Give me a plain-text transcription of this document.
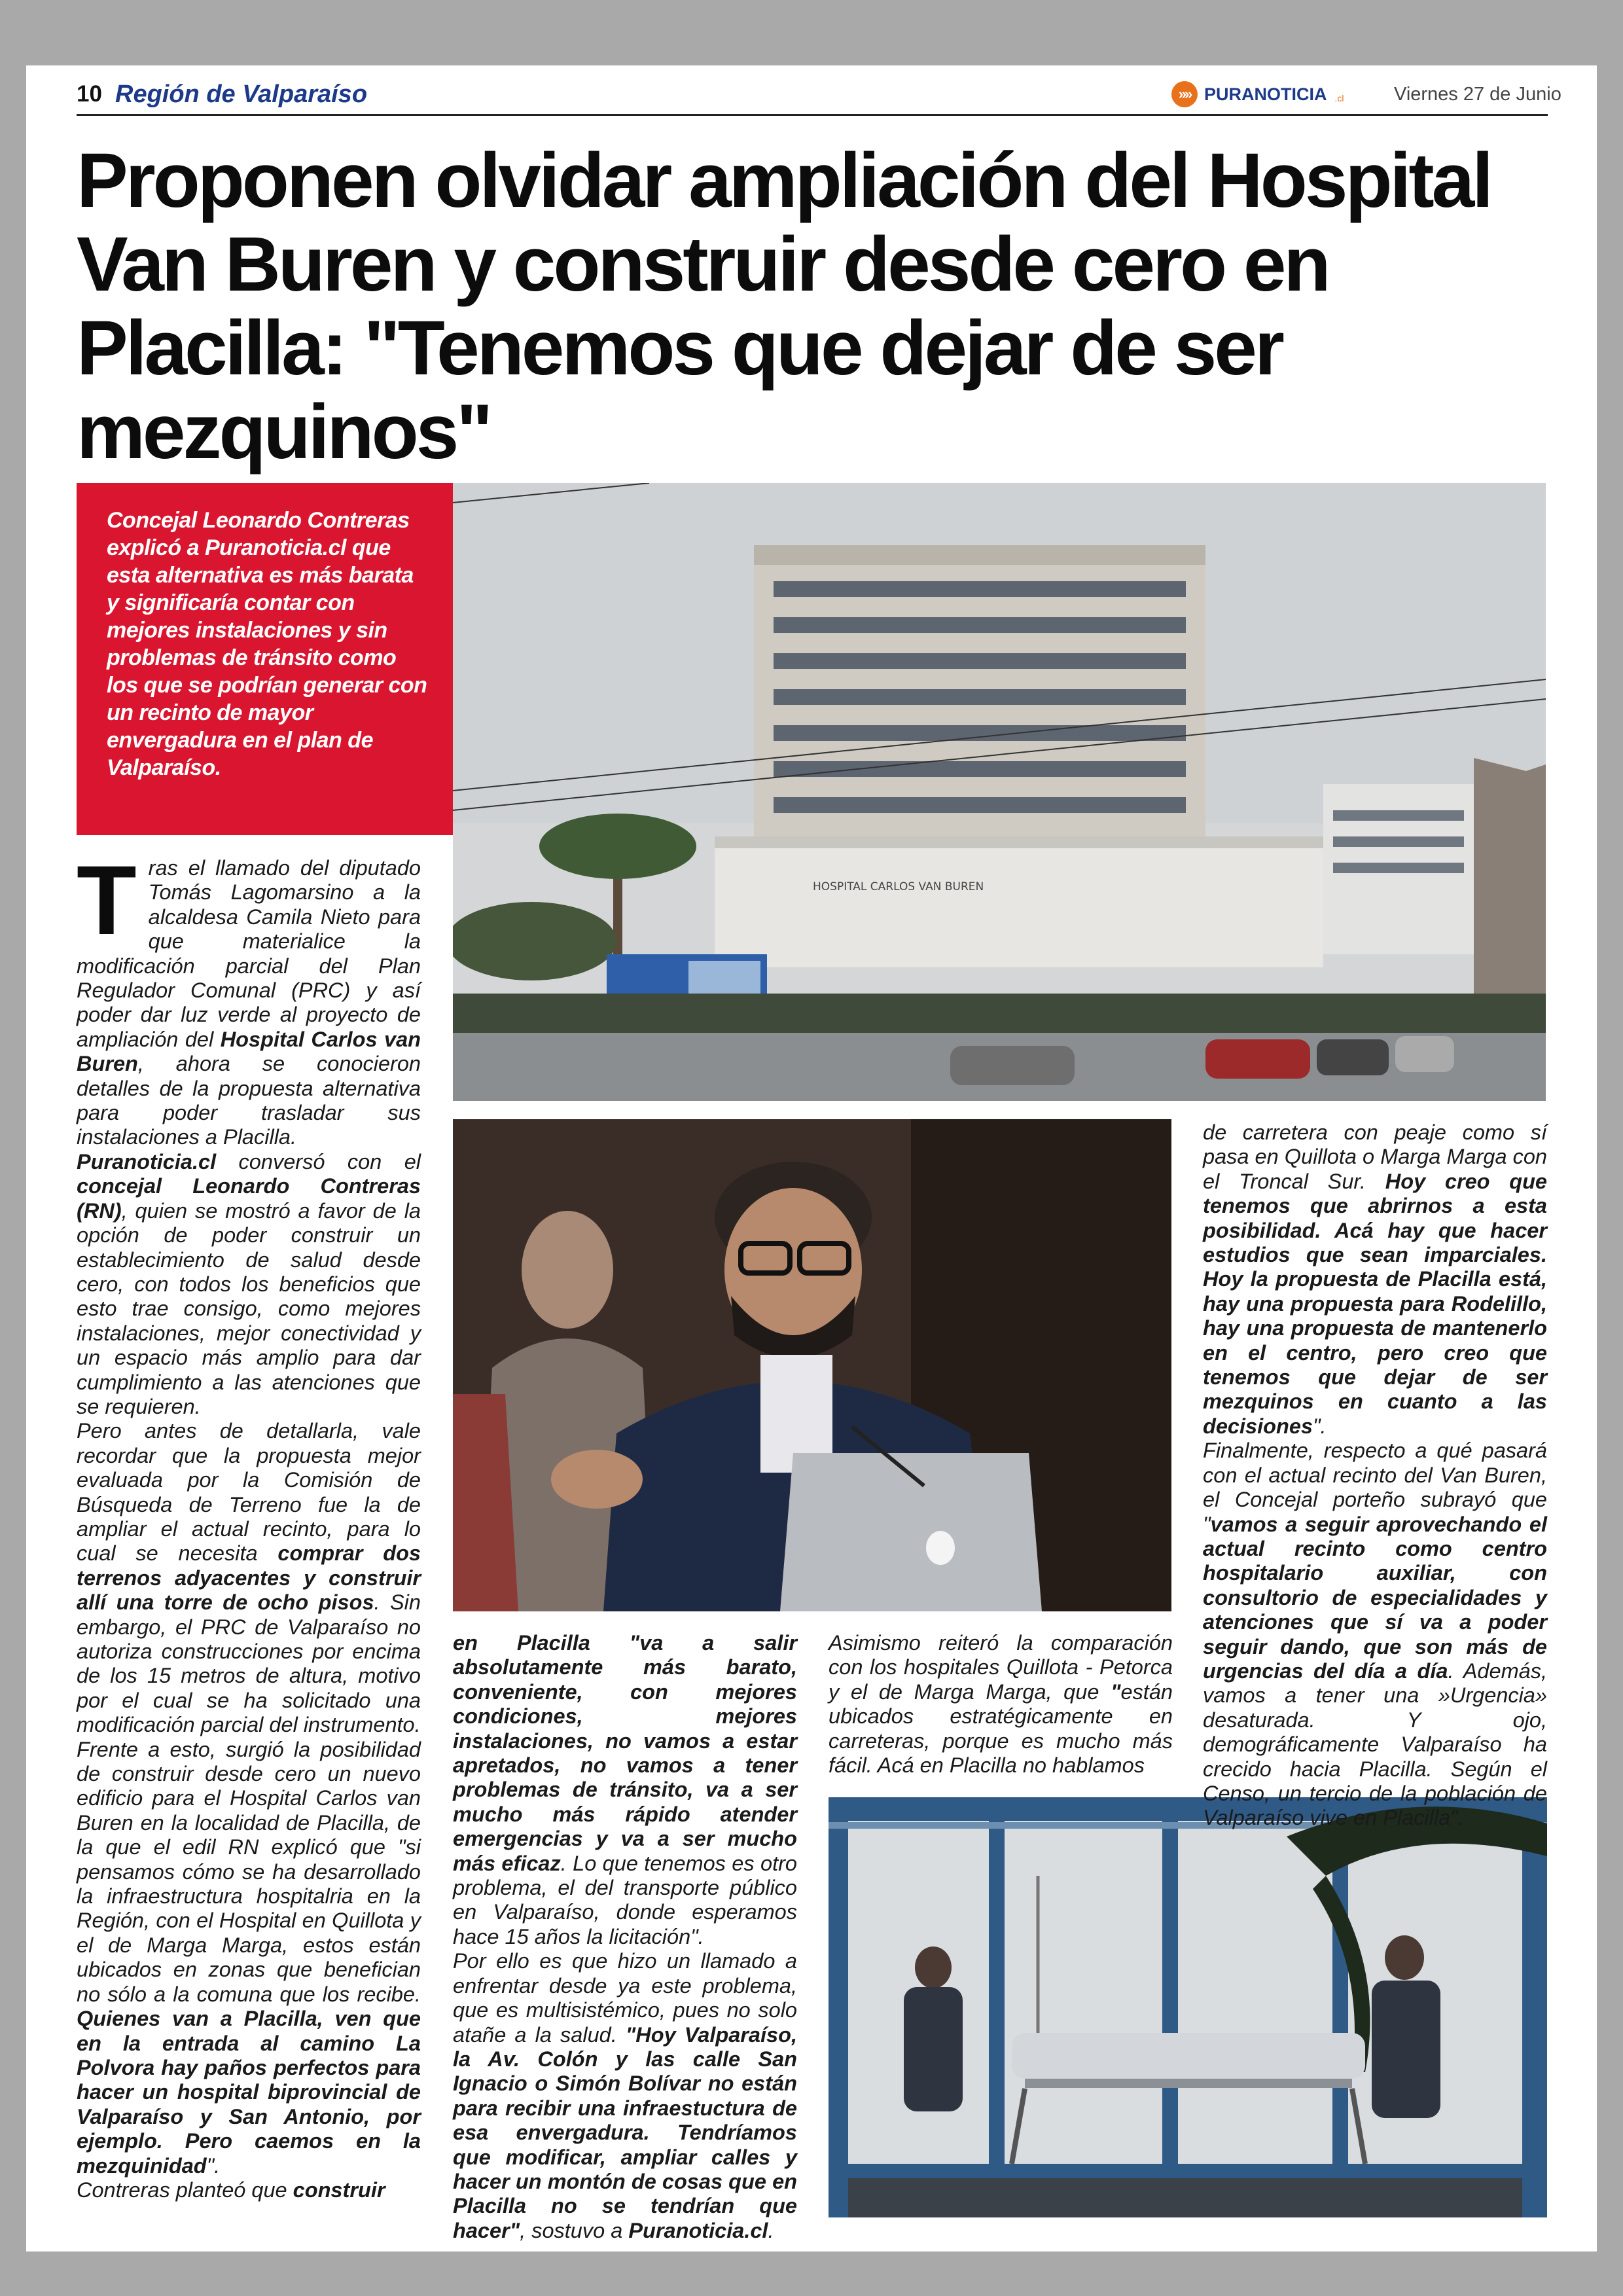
10 Región de Valparaíso	»» PURANOTICIA .cl	Viernes 27 de Junio
Proponen olvidar ampliación del Hospital Van Buren y construir desde cero en Placilla: "Tenemos que dejar de ser mezquinos"
Concejal Leonardo Contreras explicó a Puranoticia.cl que esta alternativa es más barata y significaría contar con mejores instalaciones y sin problemas de tránsito como los que se podrían generar con un recinto de mayor envergadura en el plan de Valparaíso.
HOSPITAL CARLOS VAN BUREN
T ras el llamado del diputado Tomás Lagomarsino a la alcaldesa Camila Nieto para que materialice la modificación parcial del Plan Regulador Comunal (PRC) y así poder dar luz verde al proyecto de ampliación del Hospital Carlos van Buren, ahora se conocieron detalles de la propuesta alternativa para poder trasladar sus instalaciones a Placilla.

Puranoticia.cl conversó con el concejal Leonardo Contreras (RN), quien se mostró a favor de la opción de poder construir un establecimiento de salud desde cero, con todos los beneficios que esto trae consigo, como mejores instalaciones, mejor conectividad y un espacio más amplio para dar cumplimiento a las atenciones que se requieren.

Pero antes de detallarla, vale recordar que la propuesta mejor evaluada por la Comisión de Búsqueda de Terreno fue la de ampliar el actual recinto, para lo cual se necesita comprar dos terrenos adyacentes y construir allí una torre de ocho pisos. Sin embargo, el PRC de Valparaíso no autoriza construcciones por encima de los 15 metros de altura, motivo por el cual se ha solicitado una modificación parcial del instrumento.

Frente a esto, surgió la posibilidad de construir desde cero un nuevo edificio para el Hospital Carlos van Buren en la localidad de Placilla, de la que el edil RN explicó que "si pensamos cómo se ha desarrollado la infraestructura hospitalria en la Región, con el Hospital en Quillota y el de Marga Marga, estos están ubicados en zonas que benefician no sólo a la comuna que los recibe. Quienes van a Placilla, ven que en la entrada al camino La Polvora hay paños perfectos para hacer un hospital biprovincial de Valparaíso y San Antonio, por ejemplo. Pero caemos en la mezquinidad".

Contreras planteó que construir

en Placilla "va a salir absolutamente más barato, conveniente, con mejores condiciones, mejores instalaciones, no vamos a estar apretados, no vamos a tener problemas de tránsito, va a ser mucho más rápido atender emergencias y va a ser mucho más eficaz. Lo que tenemos es otro problema, el del transporte público en Valparaíso, donde esperamos hace 15 años la licitación".

Por ello es que hizo un llamado a enfrentar desde ya este problema, que es multisistémico, pues no solo atañe a la salud. "Hoy Valparaíso, la Av. Colón y las calle San Ignacio o Simón Bolívar no están para recibir una infraestuctura de esa envergadura. Tendríamos que modificar, ampliar calles y hacer un montón de cosas que en Placilla no se tendrían que hacer", sostuvo a Puranoticia.cl.

Asimismo reiteró la comparación con los hospitales Quillota - Petorca y el de Marga Marga, que "están ubicados estratégicamente en carreteras, porque es mucho más fácil. Acá en Placilla no hablamos

de carretera con peaje como sí pasa en Quillota o Marga Marga con el Troncal Sur. Hoy creo que tenemos que abrirnos a esta posibilidad. Acá hay que hacer estudios que sean imparciales. Hoy la propuesta de Placilla está, hay una propuesta para Rodelillo, hay una propuesta de mantenerlo en el centro, pero creo que tenemos que dejar de ser mezquinos en cuanto a las decisiones".

Finalmente, respecto a qué pasará con el actual recinto del Van Buren, el Concejal porteño subrayó que "vamos a seguir aprovechando el actual recinto como centro hospitalario auxiliar, con consultorio de especialidades y atenciones que sí va a poder seguir dando, que son más de urgencias del día a día. Además, vamos a tener una »Urgencia» desaturada. Y ojo, demográficamente Valparaíso ha crecido hacia Placilla. Según el Censo, un tercio de la población de Valparaíso vive en Placilla".
